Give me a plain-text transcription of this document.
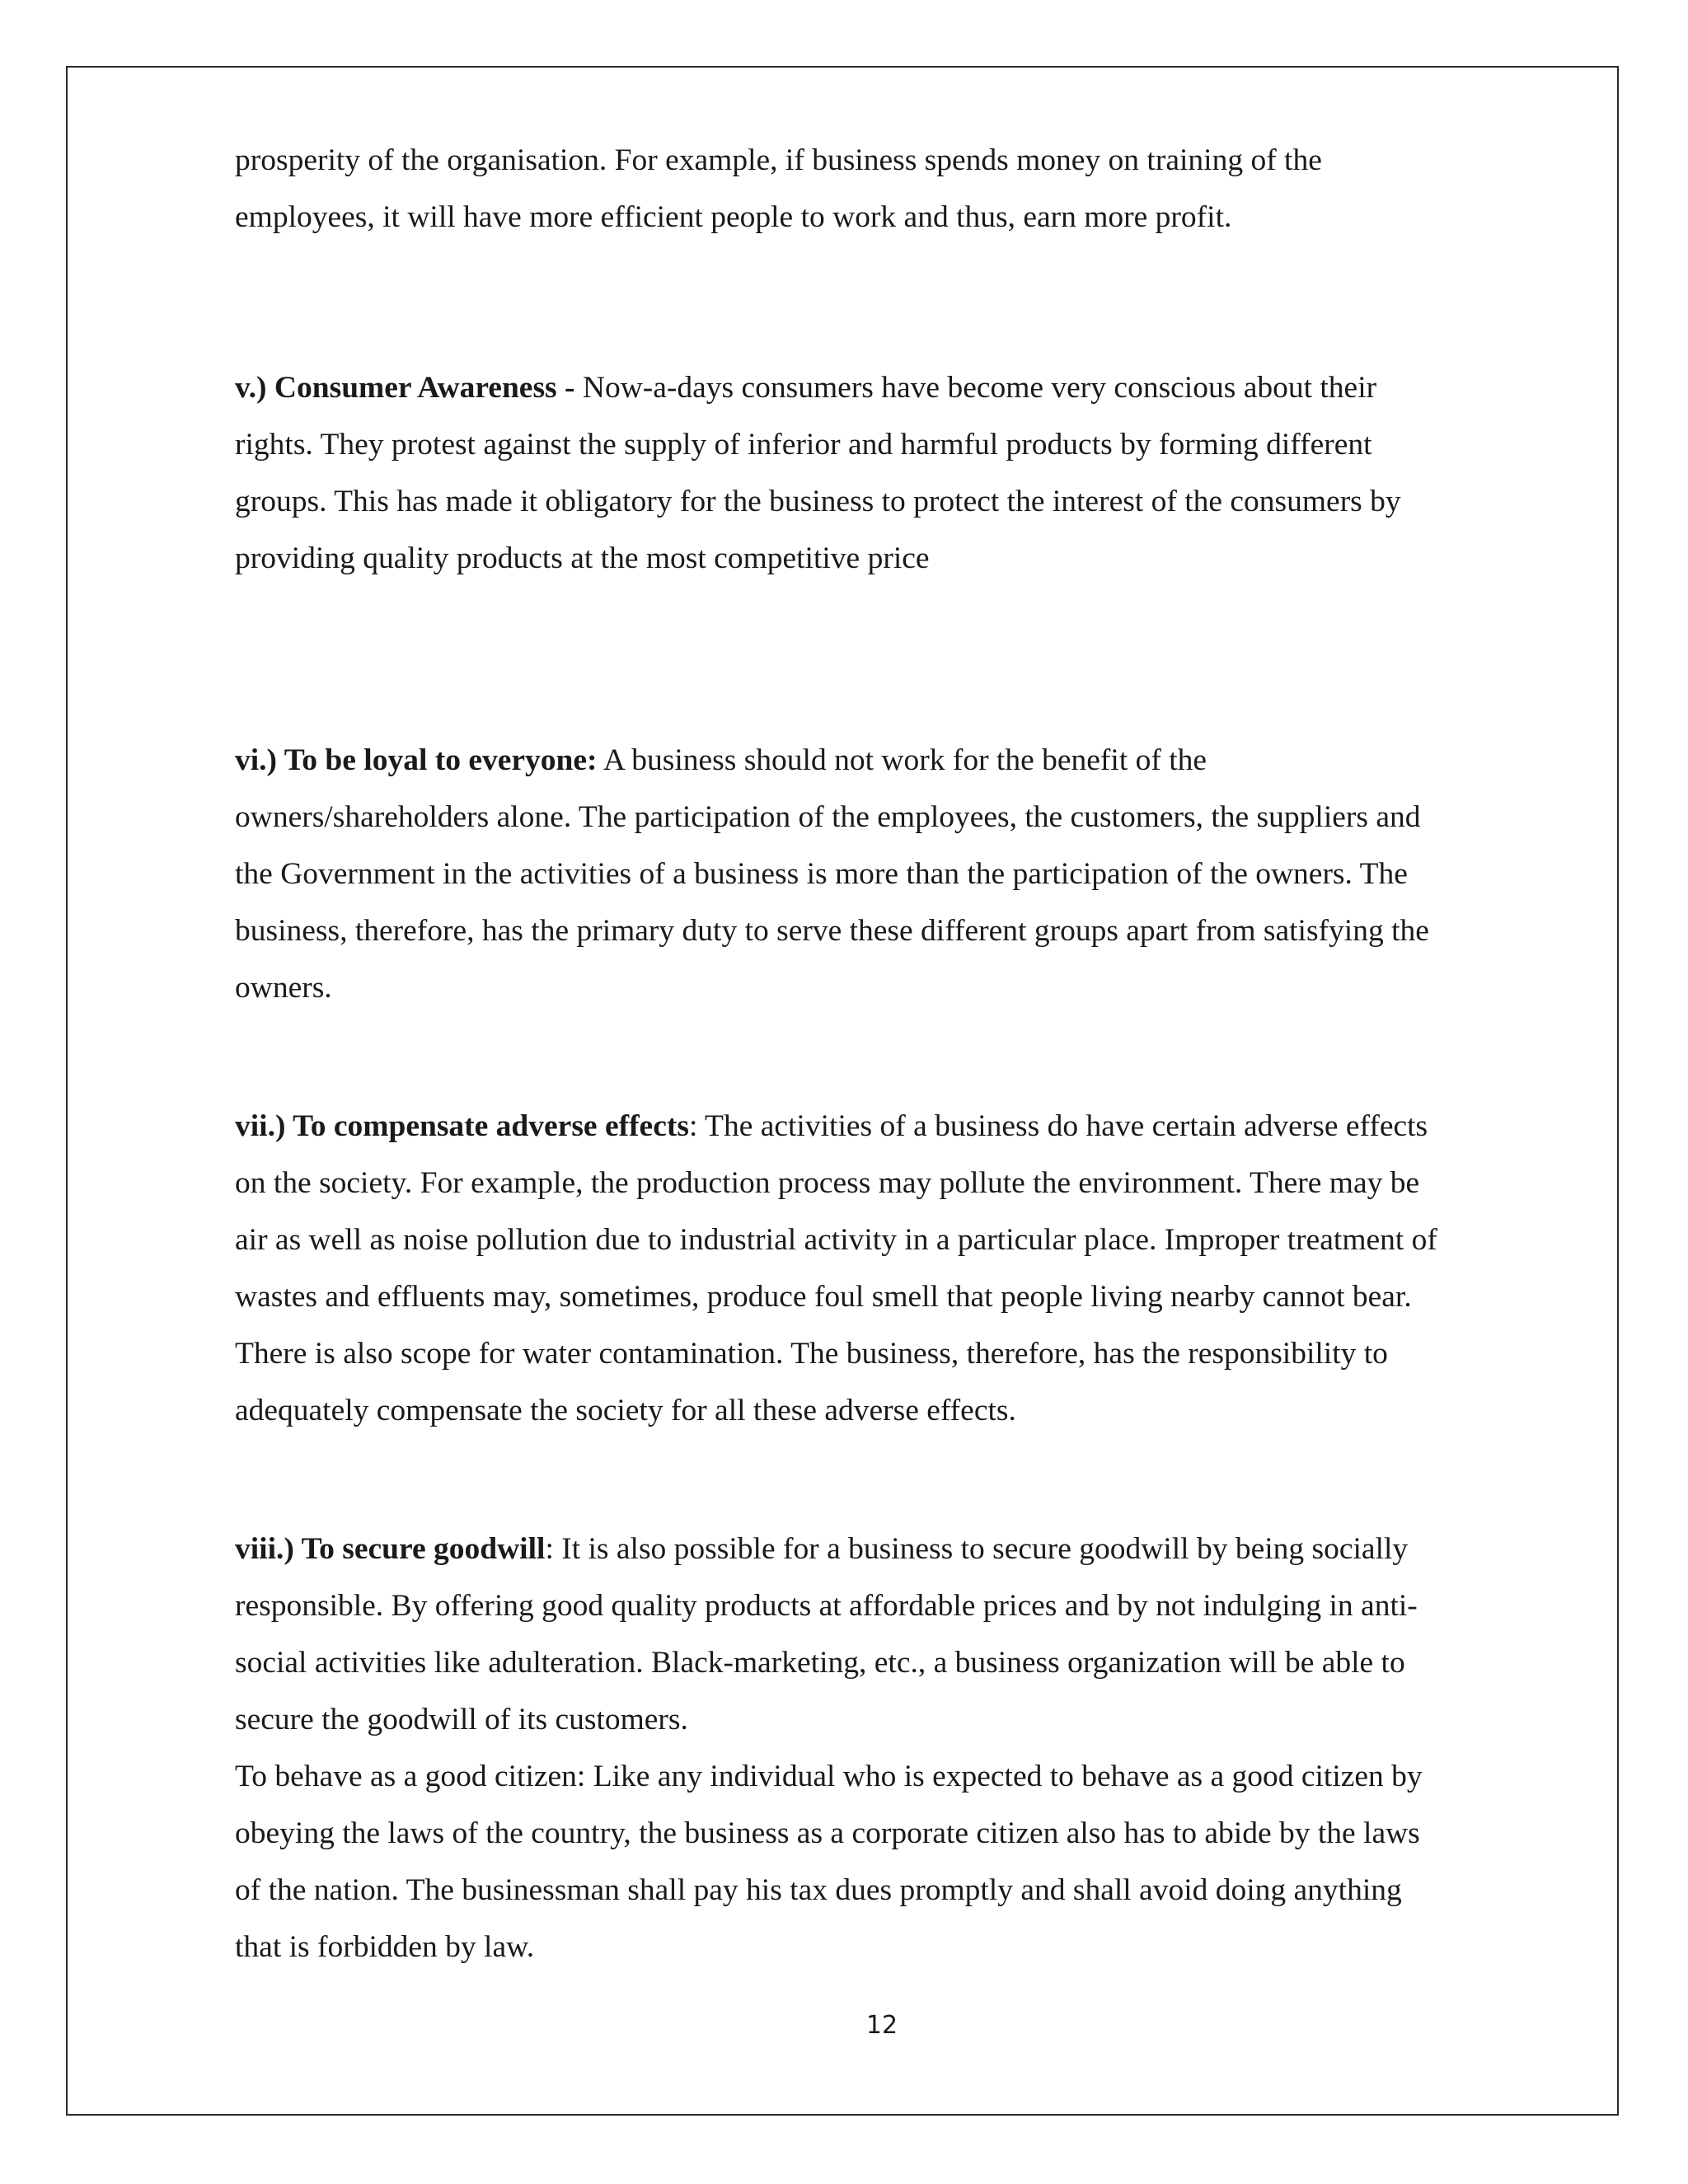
prosperity of the organisation. For example, if business spends money on training of the
employees, it will have more efficient people to work and thus, earn more profit.

v.) Consumer Awareness - Now-a-days consumers have become very conscious about their
rights. They protest against the supply of inferior and harmful products by forming different
groups. This has made it obligatory for the business to protect the interest of the consumers by
providing quality products at the most competitive price

vi.) To be loyal to everyone: A business should not work for the benefit of the
owners/shareholders alone. The participation of the employees, the customers, the suppliers and
the Government in the activities of a business is more than the participation of the owners. The
business, therefore, has the primary duty to serve these different groups apart from satisfying the
owners.

vii.) To compensate adverse effects: The activities of a business do have certain adverse effects
on the society. For example, the production process may pollute the environment. There may be
air as well as noise pollution due to industrial activity in a particular place. Improper treatment of
wastes and effluents may, sometimes, produce foul smell that people living nearby cannot bear.
There is also scope for water contamination. The business, therefore, has the responsibility to
adequately compensate the society for all these adverse effects.

viii.) To secure goodwill: It is also possible for a business to secure goodwill by being socially
responsible. By offering good quality products at affordable prices and by not indulging in anti-
social activities like adulteration. Black-marketing, etc., a business organization will be able to
secure the goodwill of its customers.
To behave as a good citizen: Like any individual who is expected to behave as a good citizen by
obeying the laws of the country, the business as a corporate citizen also has to abide by the laws
of the nation. The businessman shall pay his tax dues promptly and shall avoid doing anything
that is forbidden by law.

12
